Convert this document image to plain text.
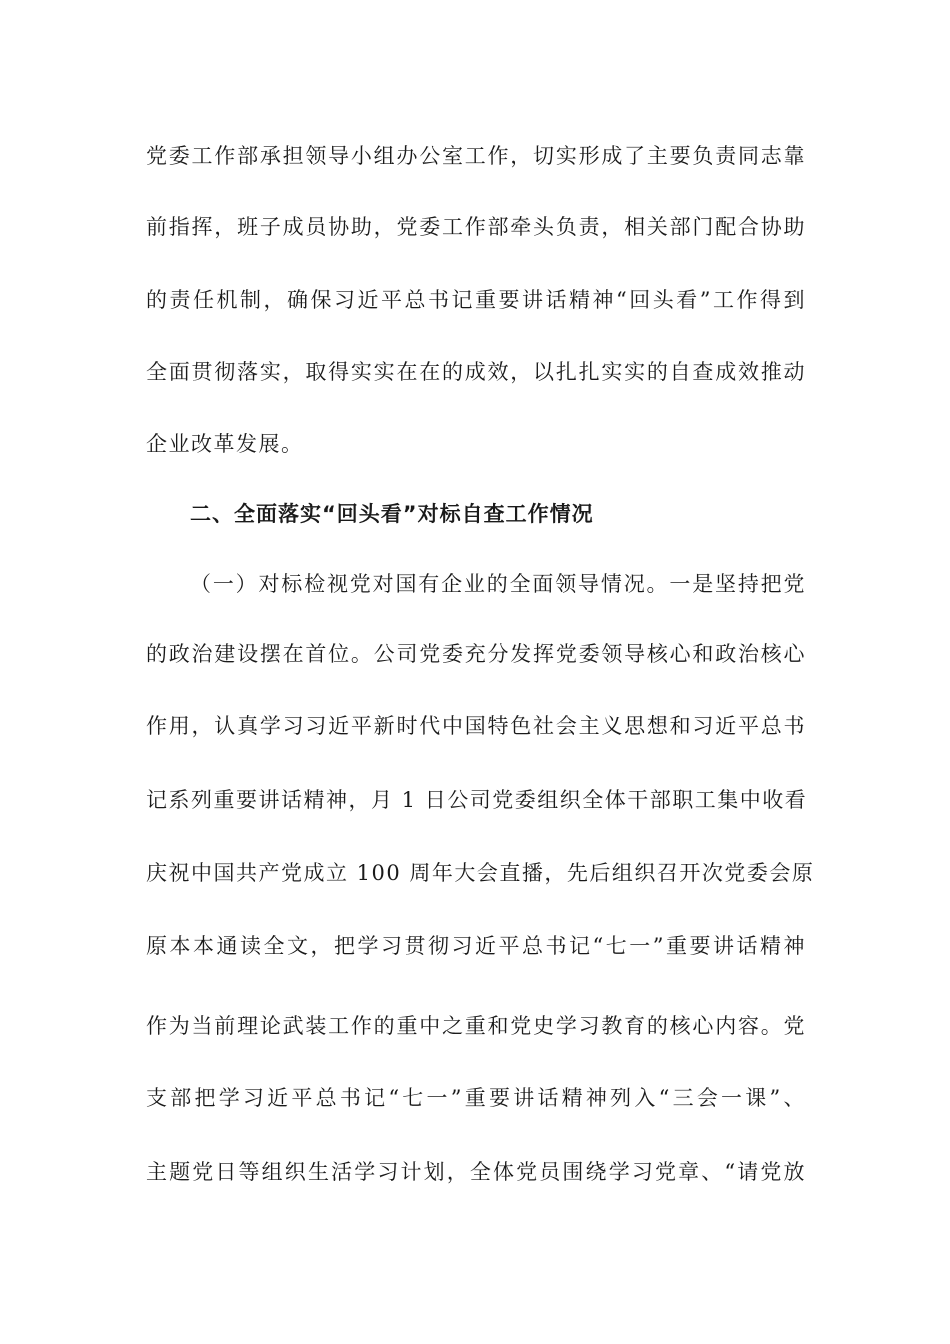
党委工作部承担领导小组办公室工作，切实形成了主要负责同志靠
前指挥，班子成员协助，党委工作部牵头负责，相关部门配合协助
的责任机制，确保习近平总书记重要讲话精神“回头看”工作得到
全面贯彻落实，取得实实在在的成效，以扎扎实实的自查成效推动
企业改革发展。
二、全面落实“回头看”对标自查工作情况
（一）对标检视党对国有企业的全面领导情况。一是坚持把党
的政治建设摆在首位。公司党委充分发挥党委领导核心和政治核心
作用，认真学习习近平新时代中国特色社会主义思想和习近平总书
记系列重要讲话精神，月 1 日公司党委组织全体干部职工集中收看
庆祝中国共产党成立 100 周年大会直播，先后组织召开次党委会原
原本本通读全文，把学习贯彻习近平总书记“七一”重要讲话精神
作为当前理论武装工作的重中之重和党史学习教育的核心内容。党
支部把学习近平总书记“七一”重要讲话精神列入“三会一课”、
主题党日等组织生活学习计划，全体党员围绕学习党章、“请党放
